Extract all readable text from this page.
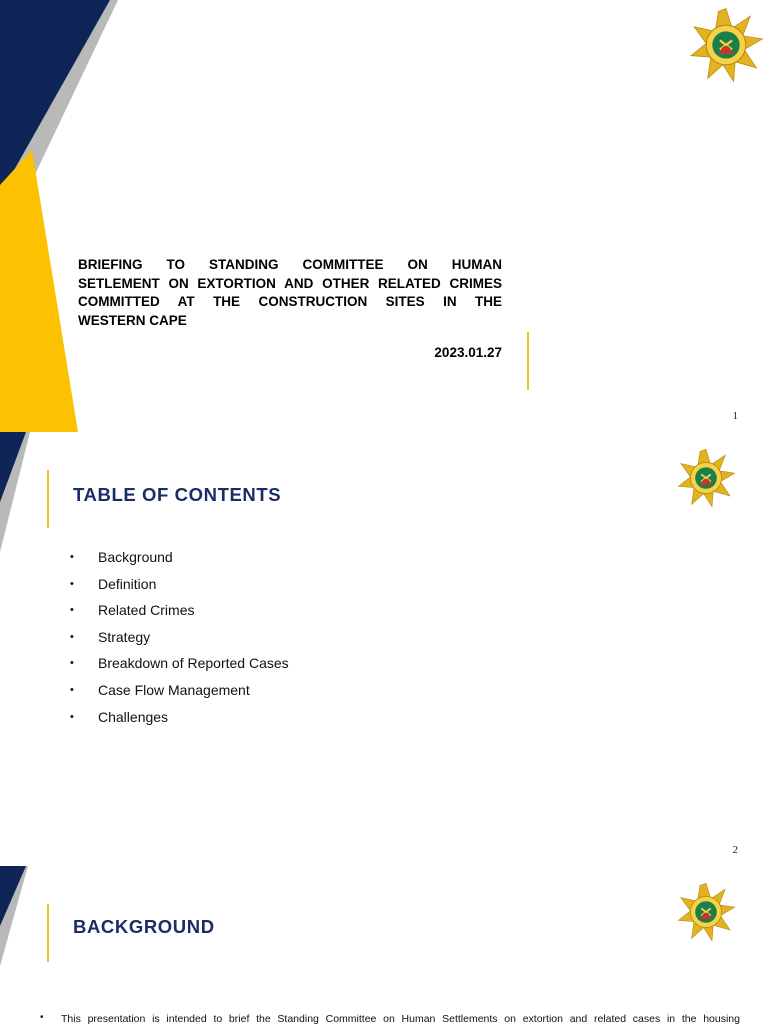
BRIEFING TO STANDING COMMITTEE ON HUMAN
SETLEMENT ON EXTORTION AND OTHER RELATED CRIMES
COMMITTED AT THE CONSTRUCTION SITES IN THE
WESTERN CAPE
2023.01.27
1
TABLE OF CONTENTS
• Background
• Definition
• Related Crimes
• Strategy
• Breakdown of Reported Cases
• Case Flow Management
• Challenges
2
BACKGROUND
•	This presentation is intended to brief the Standing Committee on Human Settlements on extortion and related cases in the housing
